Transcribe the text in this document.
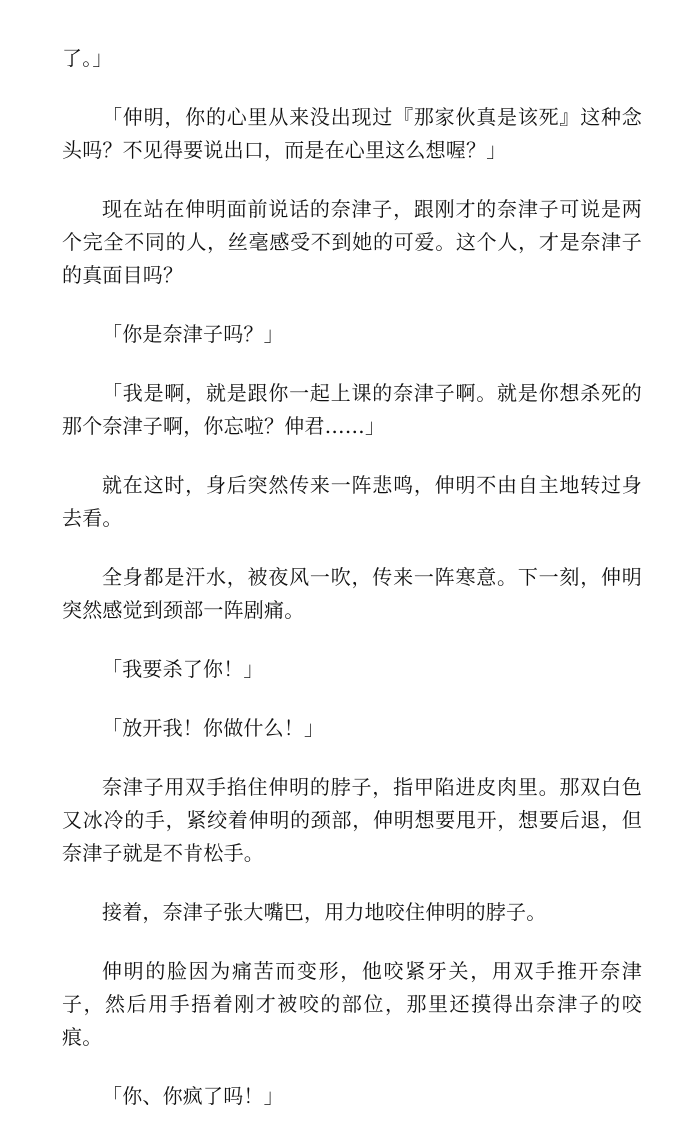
了。」

「伸明，你的心里从来没出现过『那家伙真是该死』这种念头吗？不见得要说出口，而是在心里这么想喔？」

现在站在伸明面前说话的奈津子，跟刚才的奈津子可说是两个完全不同的人，丝毫感受不到她的可爱。这个人，才是奈津子的真面目吗？

「你是奈津子吗？」

「我是啊，就是跟你一起上课的奈津子啊。就是你想杀死的那个奈津子啊，你忘啦？伸君……」

就在这时，身后突然传来一阵悲鸣，伸明不由自主地转过身去看。

全身都是汗水，被夜风一吹，传来一阵寒意。下一刻，伸明突然感觉到颈部一阵剧痛。

「我要杀了你！」

「放开我！你做什么！」

奈津子用双手掐住伸明的脖子，指甲陷进皮肉里。那双白色又冰冷的手，紧绞着伸明的颈部，伸明想要甩开，想要后退，但奈津子就是不肯松手。

接着，奈津子张大嘴巴，用力地咬住伸明的脖子。

伸明的脸因为痛苦而变形，他咬紧牙关，用双手推开奈津子，然后用手捂着刚才被咬的部位，那里还摸得出奈津子的咬痕。

「你、你疯了吗！」
